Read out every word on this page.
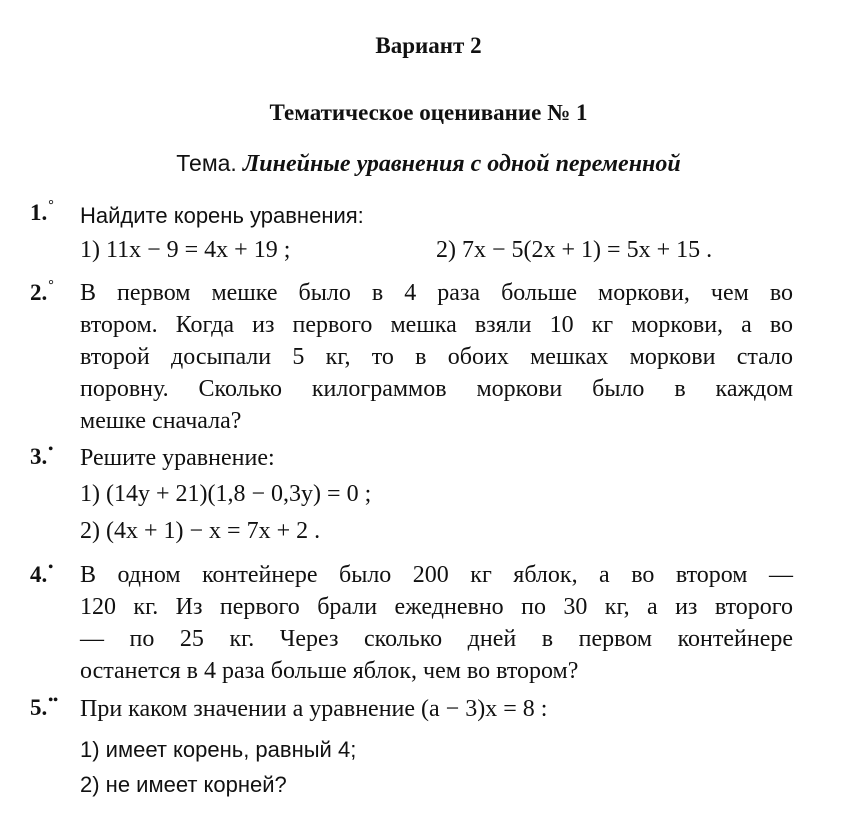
Вариант 2
Тематическое оценивание № 1
Тема. Линейные уравнения с одной переменной
1.° Найдите корень уравнения:
1) 11x − 9 = 4x + 19 ;	2) 7x − 5(2x + 1) = 5x + 15 .
2.° В первом мешке было в 4 раза больше моркови, чем во
втором. Когда из первого мешка взяли 10 кг моркови, а во
второй досыпали 5 кг, то в обоих мешках моркови стало
поровну. Сколько килограммов моркови было в каждом
мешке сначала?
3.• Решите уравнение:
1) (14y + 21)(1,8 − 0,3y) = 0 ;
2) (4x + 1) − x = 7x + 2 .
4.• В одном контейнере было 200 кг яблок, а во втором —
120 кг. Из первого брали ежедневно по 30 кг, а из второго
— по 25 кг. Через сколько дней в первом контейнере
останется в 4 раза больше яблок, чем во втором?
5.•• При каком значении a уравнение (a − 3)x = 8 :
1) имеет корень, равный 4;
2) не имеет корней?
